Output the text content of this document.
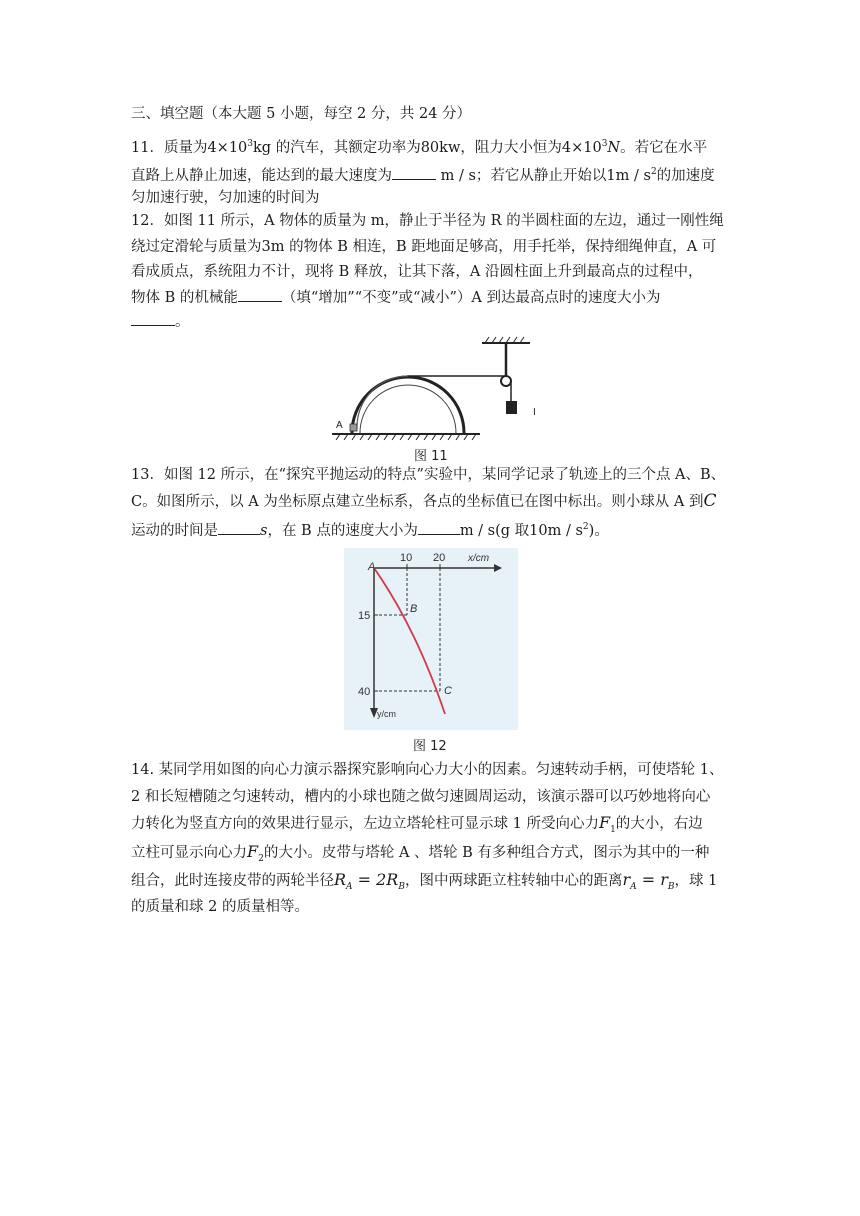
三、填空题（本大题 5 小题，每空 2 分，共 24 分）
11．质量为$4\times 10^3kg$ 的汽车，其额定功率为80kw，阻力大小恒为$4\times 10^3N$。若它在水平
直路上从静止加速，能达到的最大速度为	m / s；若它从静止开始以$1m / s^2$的加速度
匀加速行驶，匀加速的时间为
12．如图 11 所示，A 物体的质量为 m，静止于半径为 R 的半圆柱面的左边，通过一刚性绳
绕过定滑轮与质量为3m 的物体 B 相连，B 距地面足够高，用手托举，保持细绳伸直，A 可
看成质点，系统阻力不计，现将 B 释放，让其下落，A 沿圆柱面上升到最高点的过程中，
物体 B 的机械能	（填“增加”“不变”或“减小”）A 到达最高点时的速度大小为
。
I
A
图 11
13．如图 12 所示，在“探究平抛运动的特点”实验中，某同学记录了轨迹上的三个点 A、B、
C。如图所示，以 A 为坐标原点建立坐标系，各点的坐标值已在图中标出。则小球从 A 到C
运动的时间是	s，在 B 点的速度大小为	m / s(g 取$10m / s^2$)。
10 20 x/cm
A
B
C
15
40
y/cm
图 12
14. 某同学用如图的向心力演示器探究影响向心力大小的因素。匀速转动手柄，可使塔轮 1、
2 和长短槽随之匀速转动，槽内的小球也随之做匀速圆周运动，该演示器可以巧妙地将向心
力转化为竖直方向的效果进行显示，左边立塔轮柱可显示球 1 所受向心力$F_1$的大小，右边
立柱可显示向心力$F_2$的大小。皮带与塔轮 A 、塔轮 B 有多种组合方式，图示为其中的一种
组合，此时连接皮带的两轮半径$R_A = 2R_B$，图中两球距立柱转轴中心的距离$r_A = r_B$，球 1
的质量和球 2 的质量相等。
